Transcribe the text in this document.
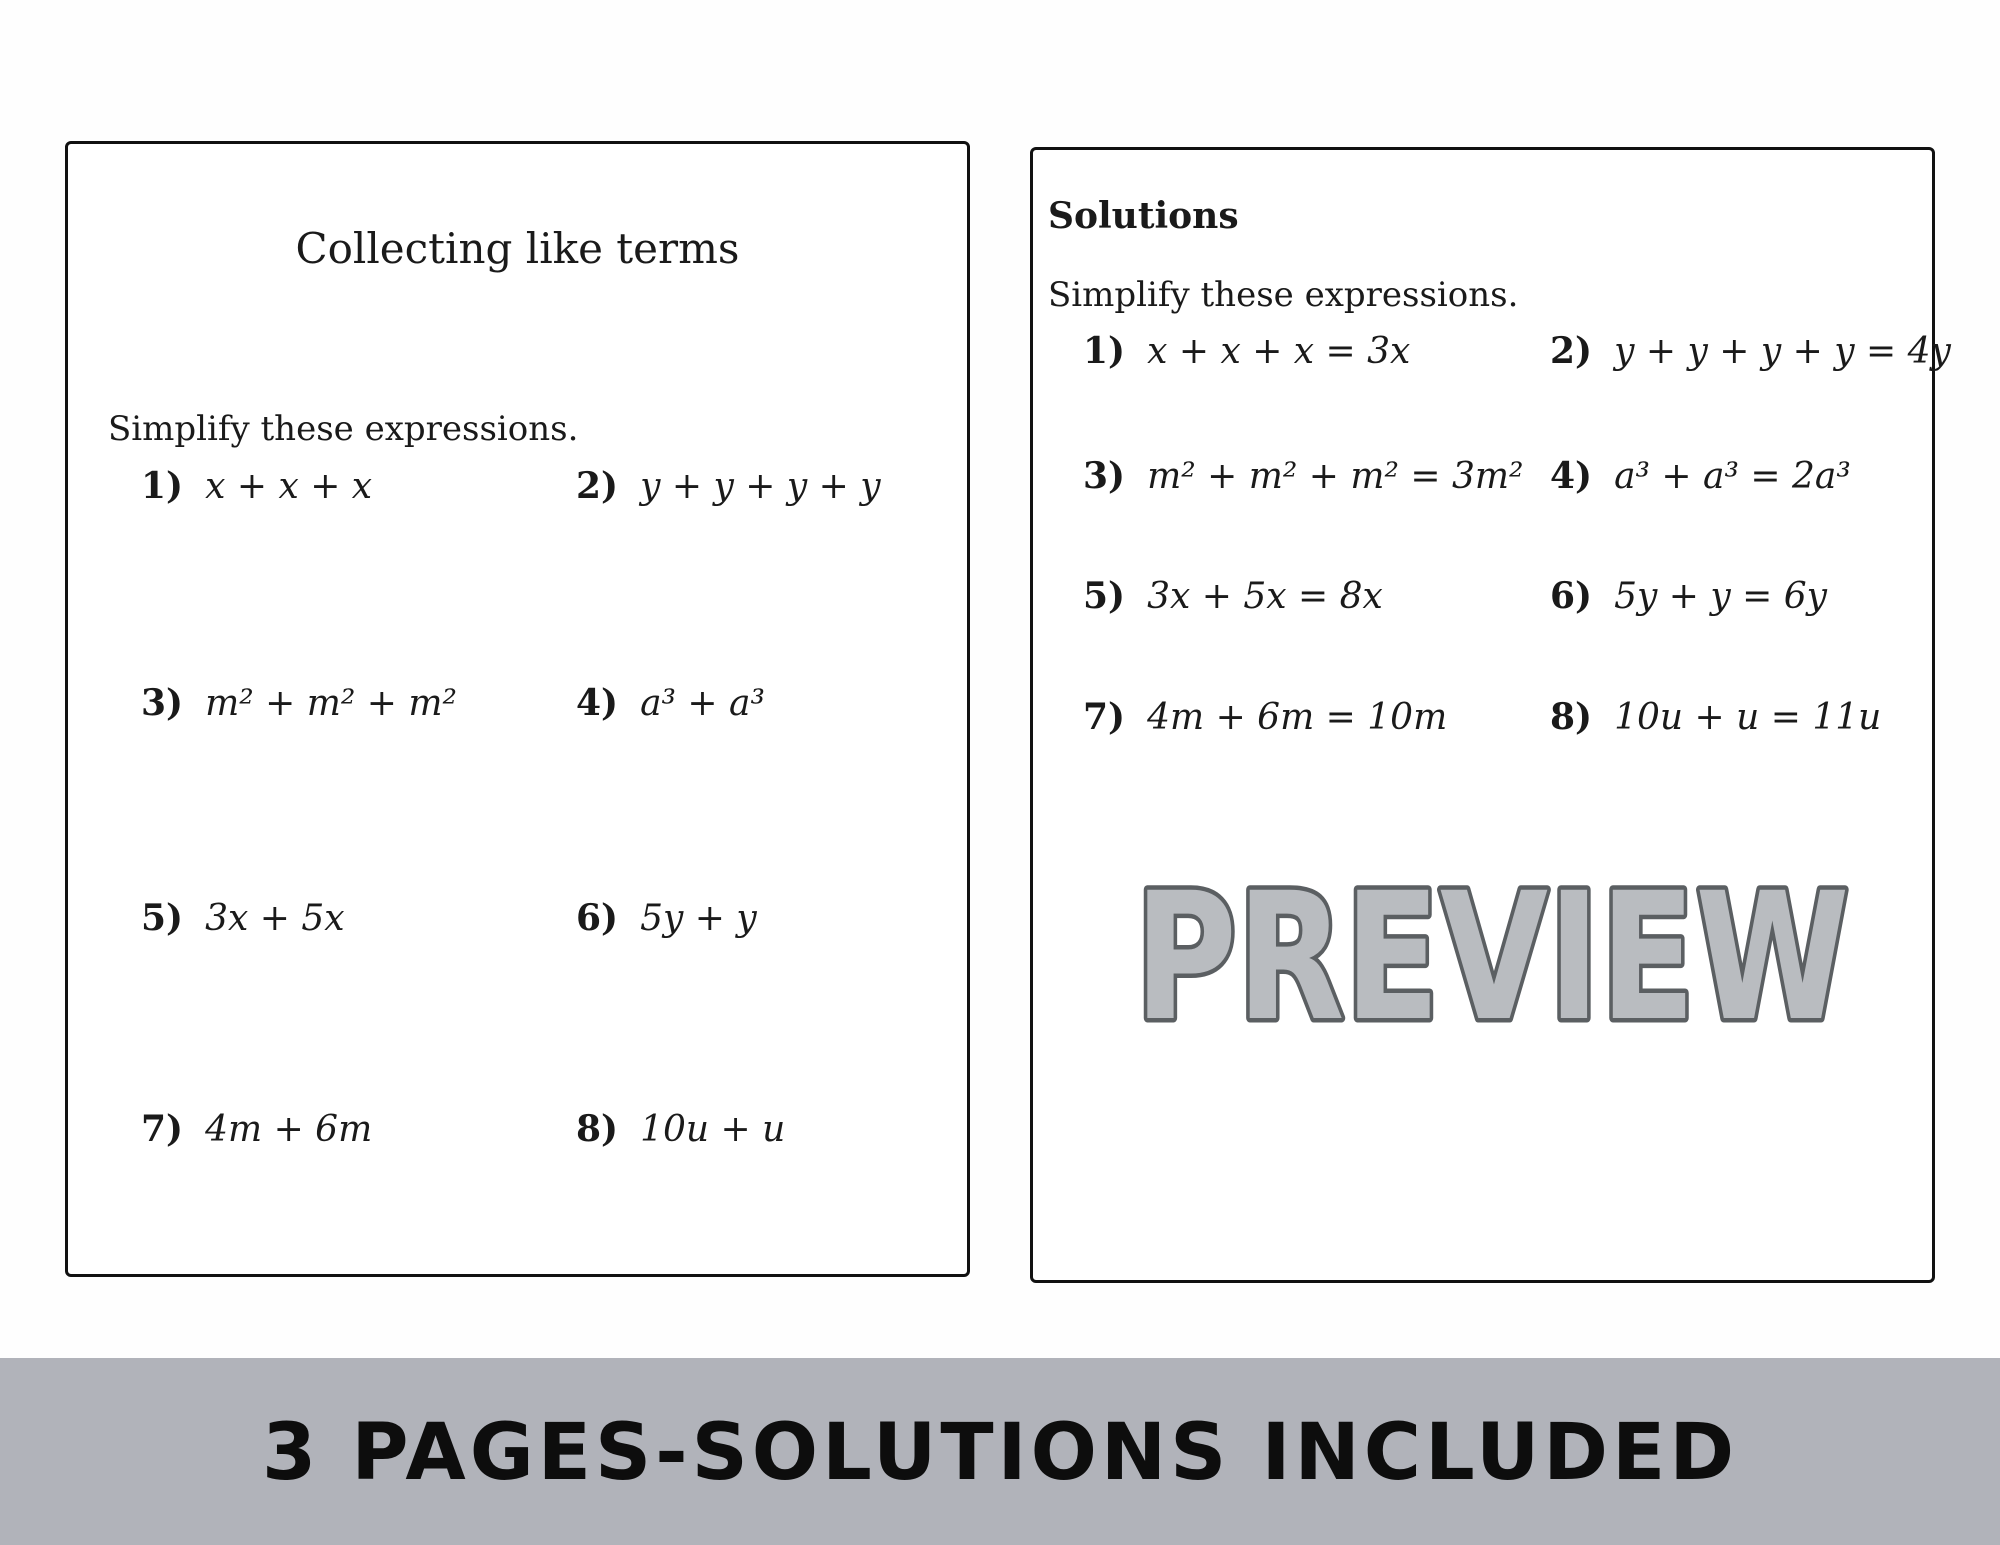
Collecting like terms
Simplify these expressions.
1) x + x + x	2) y + y + y + y
3) m² + m² + m²	4) a³ + a³
5) 3x + 5x	6) 5y + y
7) 4m + 6m	8) 10u + u
Solutions
Simplify these expressions.
1) x + x + x = 3x	2) y + y + y + y = 4y
3) m² + m² + m² = 3m² 4) a³ + a³ = 2a³
5) 3x + 5x = 8x	6) 5y + y = 6y
7) 4m + 6m = 10m	8) 10u + u = 11u
PREVIEW
3 PAGES-SOLUTIONS INCLUDED
